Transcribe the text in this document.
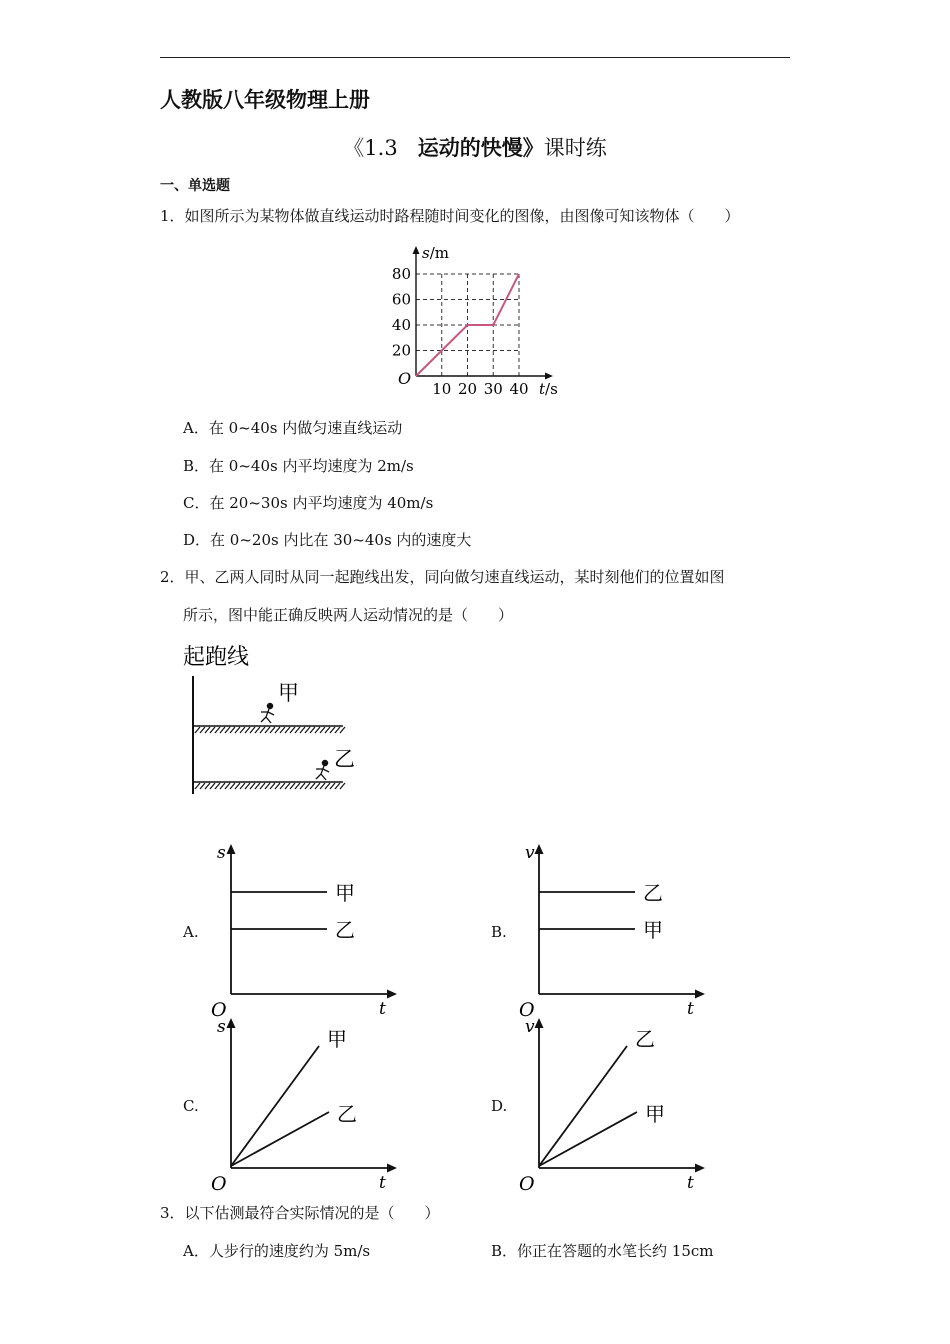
人教版八年级物理上册
《1.3 运动的快慢》课时练
一、单选题
1．如图所示为某物体做直线运动时路程随时间变化的图像，由图像可知该物体（　　）
10 20 30 40
20
40
60
80
O
t/s
s/m
A．在 0~40s 内做匀速直线运动
B．在 0~40s 内平均速度为 2m/s
C．在 20~30s 内平均速度为 40m/s
D．在 0~20s 内比在 30~40s 内的速度大
2．甲、乙两人同时从同一起跑线出发，同向做匀速直线运动，某时刻他们的位置如图
所示，图中能正确反映两人运动情况的是（　　）
起跑线
甲
乙
A.
s
t
O
甲
乙	B.
v
t
O
乙
甲
C.
s
t
O
甲
乙	D.
v
t
O
乙
甲
3．以下估测最符合实际情况的是（　　）
A．人步行的速度约为 5m/s	B．你正在答题的水笔长约 15cm
